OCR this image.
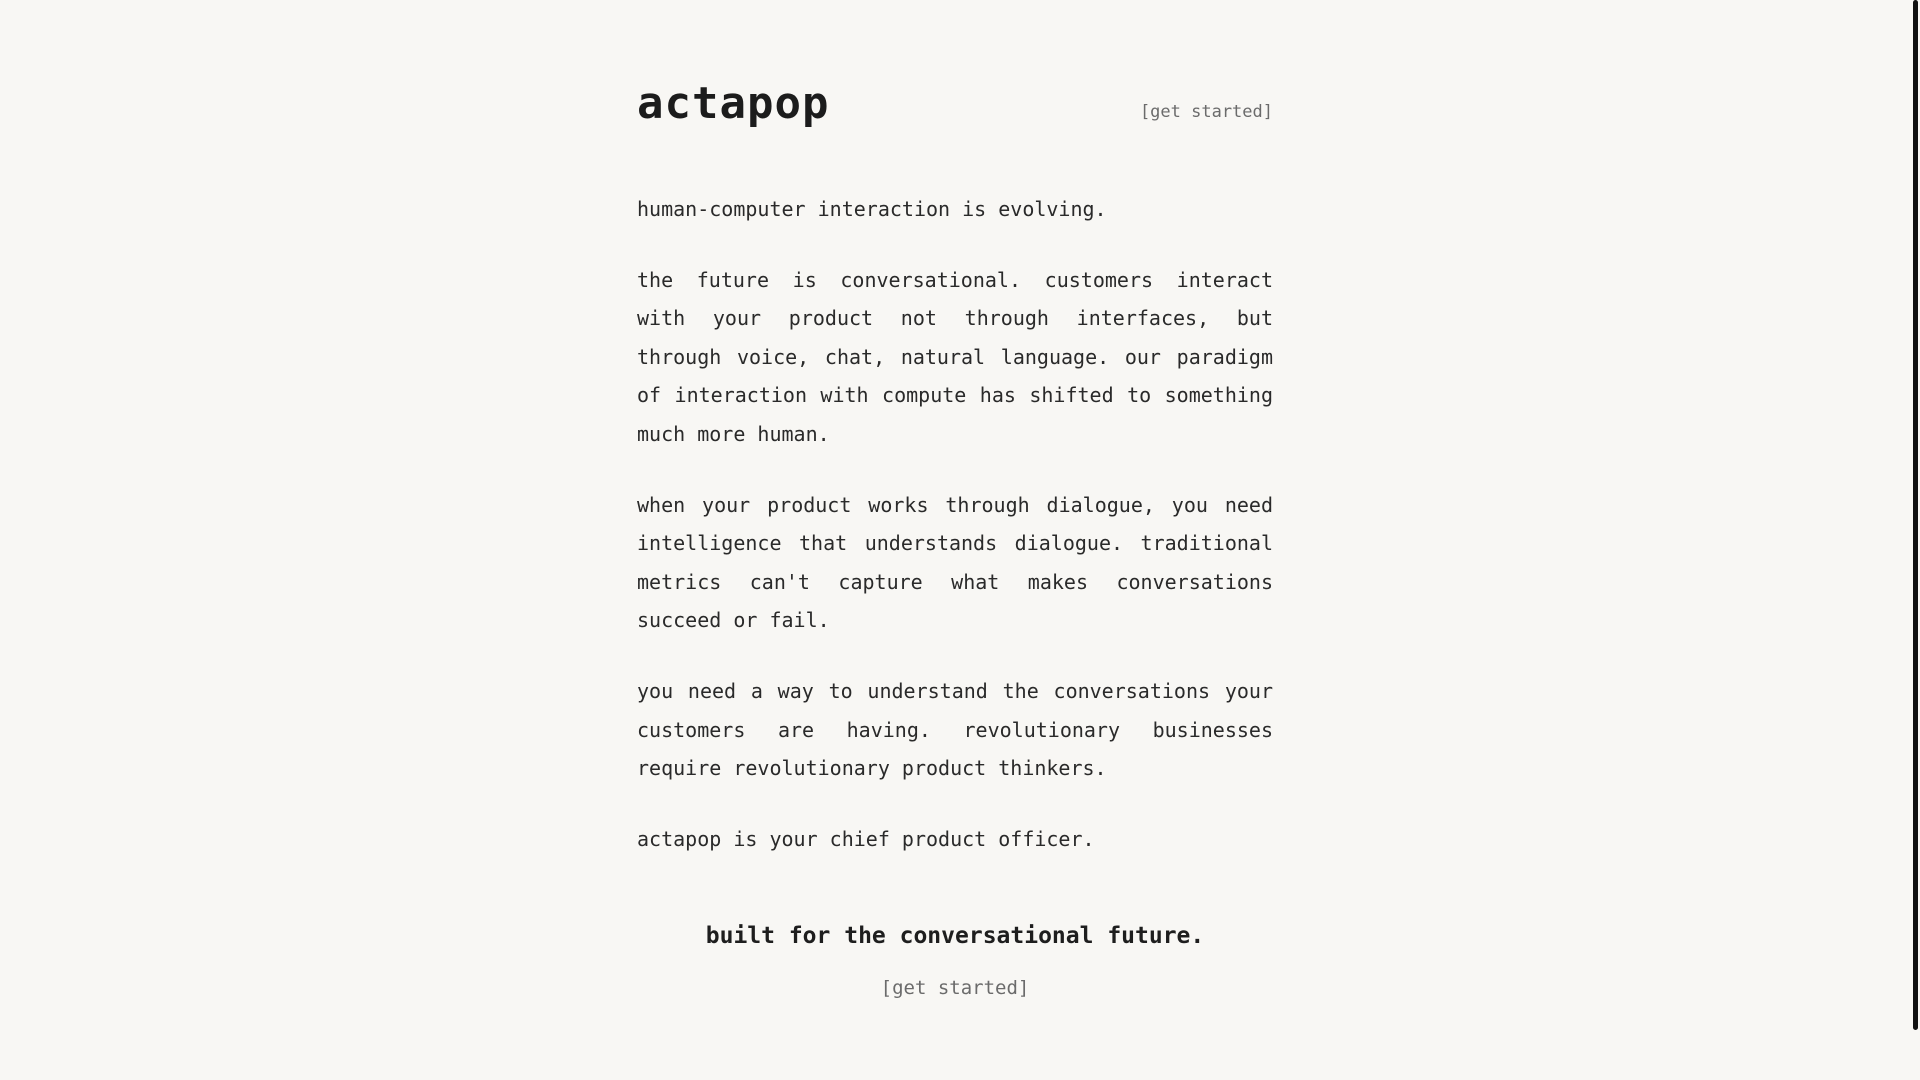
actapop	[get started]

human-computer interaction is evolving.

the future is conversational. customers interact with your product not through interfaces, but through voice, chat, natural language. our paradigm of interaction with compute has shifted to something much more human.

when your product works through dialogue, you need intelligence that understands dialogue. traditional metrics can't capture what makes conversations succeed or fail.

you need a way to understand the conversations your customers are having. revolutionary businesses require revolutionary product thinkers.

actapop is your chief product officer.

built for the conversational future.
[get started]
